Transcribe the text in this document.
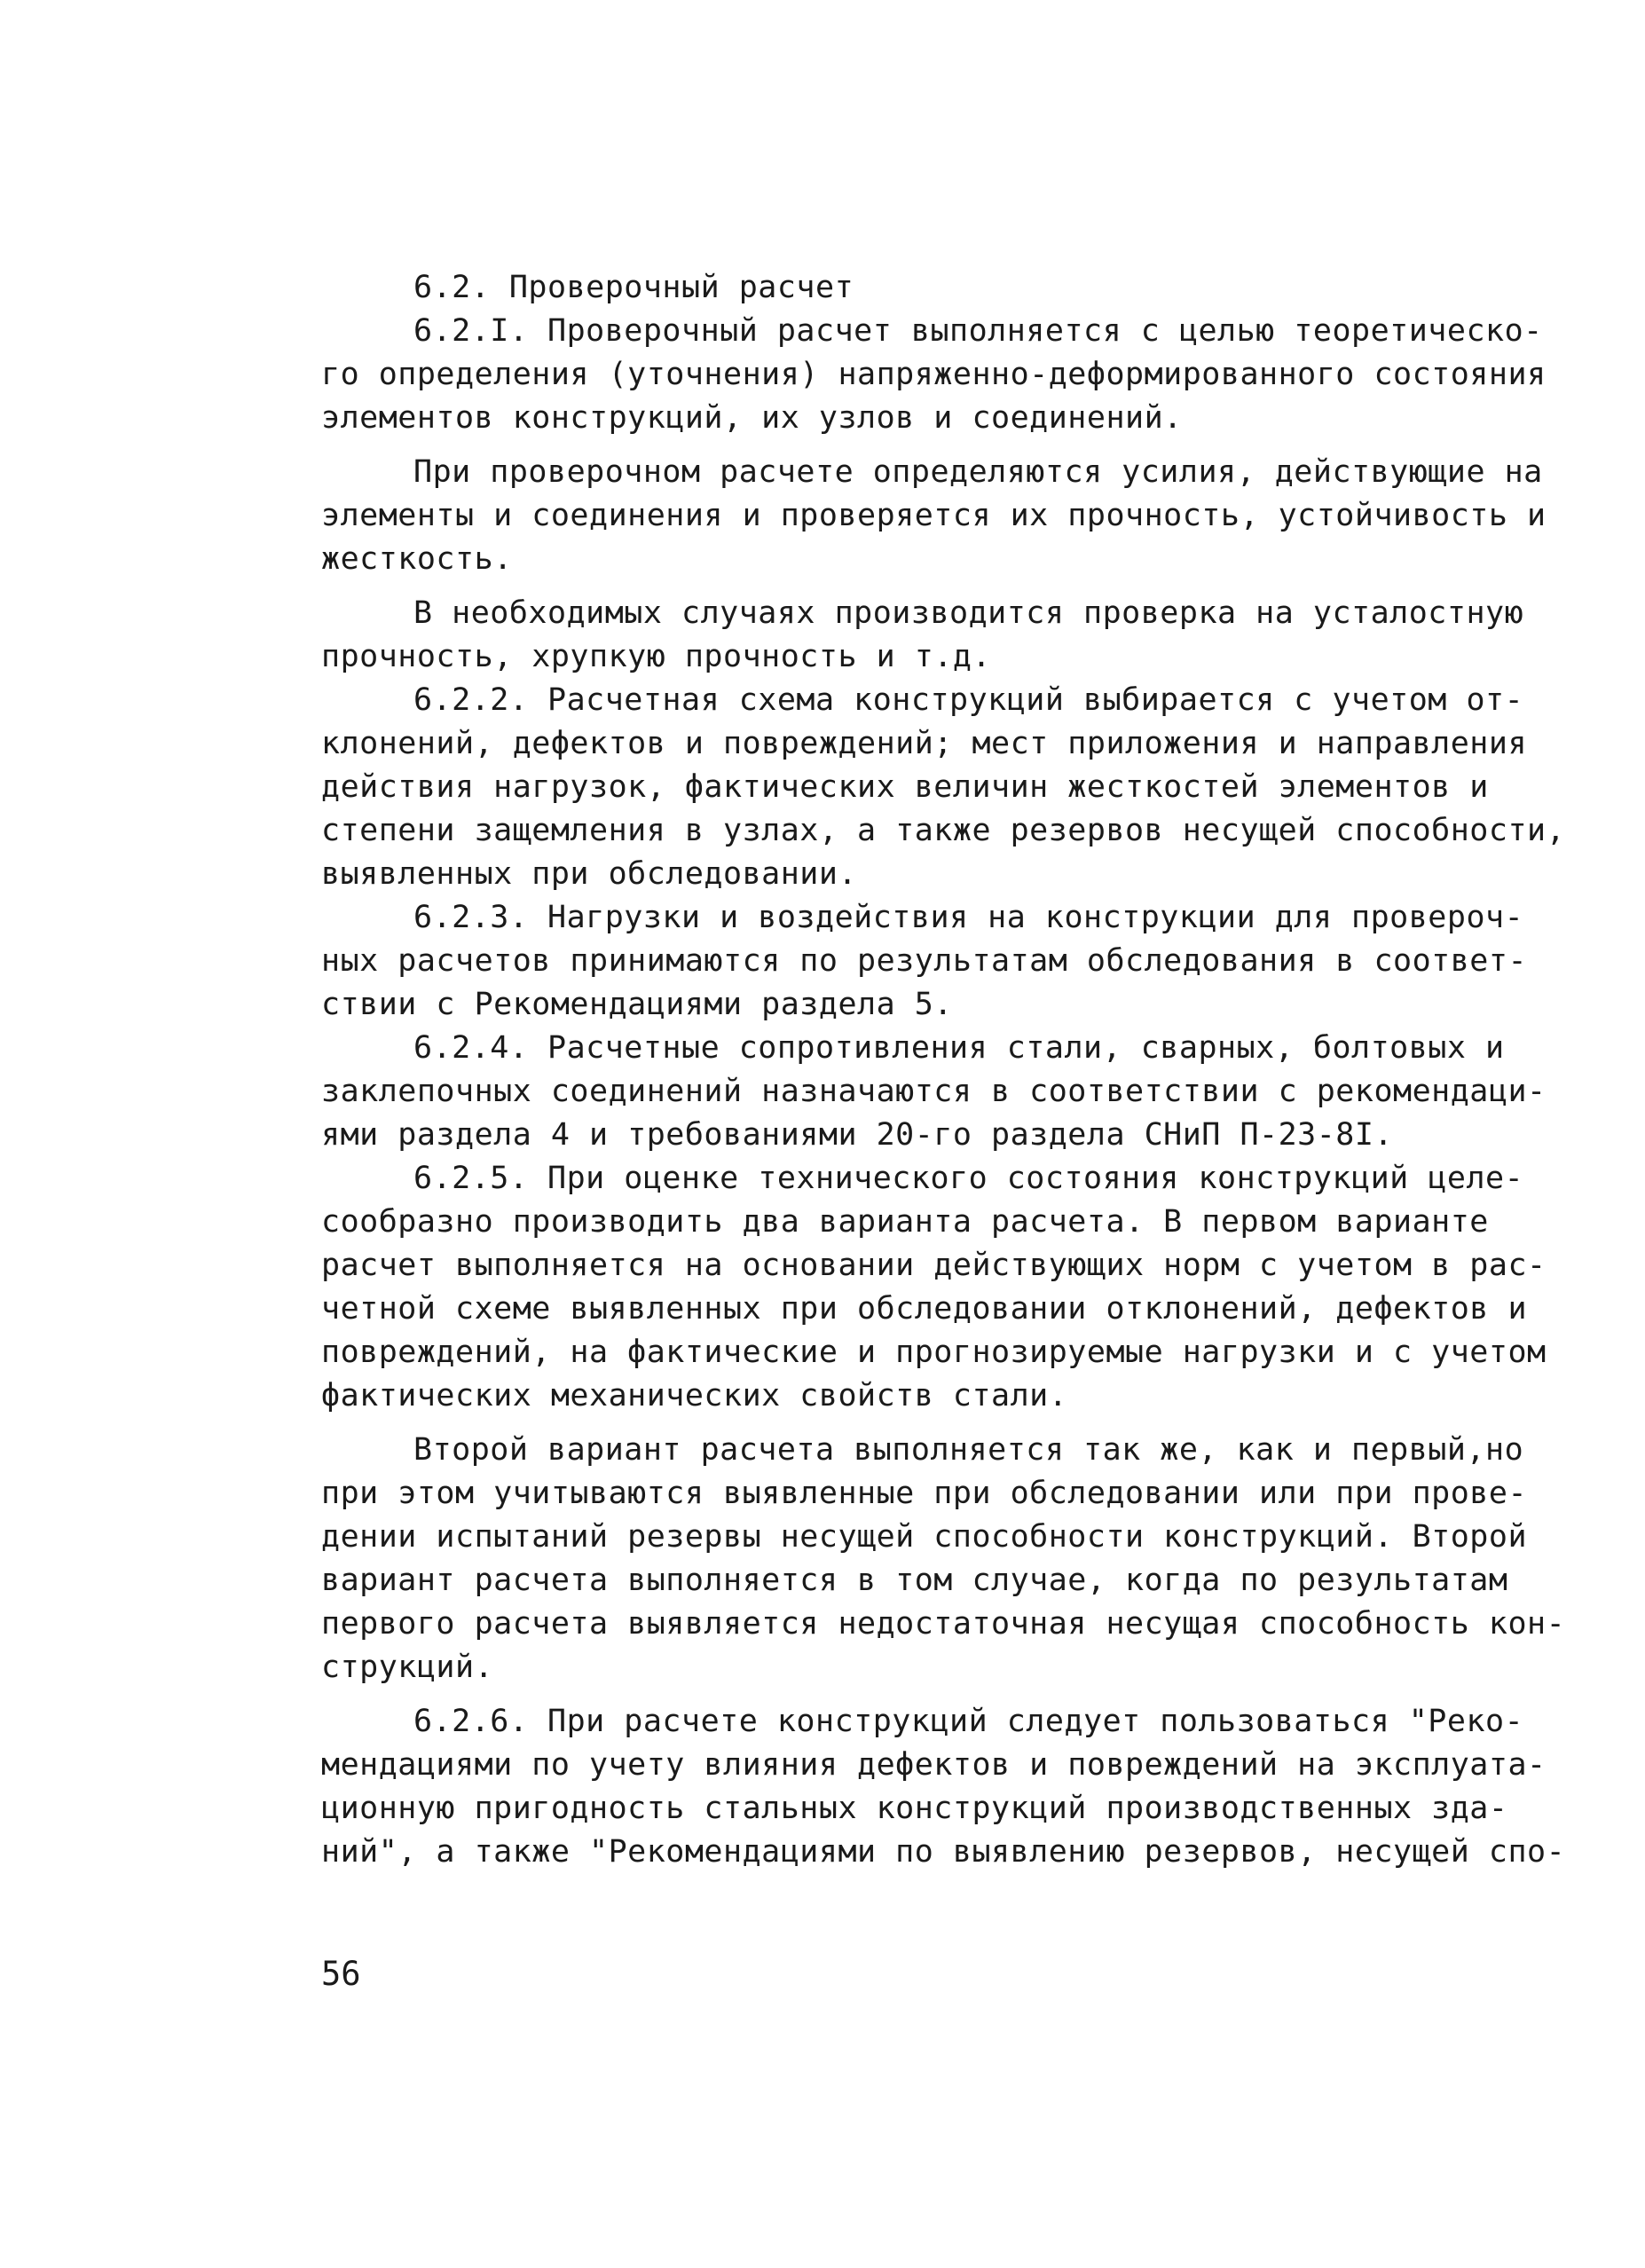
6.2. Проверочный расчет
6.2.I. Проверочный расчет выполняется с целью теоретическо-
го определения (уточнения) напряженно-деформированного состояния
элементов конструкций, их узлов и соединений.
При проверочном расчете определяются усилия, действующие на
элементы и соединения и проверяется их прочность, устойчивость и
жесткость.
В необходимых случаях производится проверка на усталостную
прочность, хрупкую прочность и т.д.
6.2.2. Расчетная схема конструкций выбирается с учетом от-
клонений, дефектов и повреждений; мест приложения и направления
действия нагрузок, фактических величин жесткостей элементов и
степени защемления в узлах, а также резервов несущей способности,
выявленных при обследовании.
6.2.3. Нагрузки и воздействия на конструкции для провероч-
ных расчетов принимаются по результатам обследования в соответ-
ствии с Рекомендациями раздела 5.
6.2.4. Расчетные сопротивления стали, сварных, болтовых и
заклепочных соединений назначаются в соответствии с рекомендаци-
ями раздела 4 и требованиями 20-го раздела СНиП П-23-8I.
6.2.5. При оценке технического состояния конструкций целе-
сообразно производить два варианта расчета. В первом варианте
расчет выполняется на основании действующих норм с учетом в рас-
четной схеме выявленных при обследовании отклонений, дефектов и
повреждений, на фактические и прогнозируемые нагрузки и с учетом
фактических механических свойств стали.
Второй вариант расчета выполняется так же, как и первый,но
при этом учитываются выявленные при обследовании или при прове-
дении испытаний резервы несущей способности конструкций. Второй
вариант расчета выполняется в том случае, когда по результатам
первого расчета выявляется недостаточная несущая способность кон-
струкций.
6.2.6. При расчете конструкций следует пользоваться "Реко-
мендациями по учету влияния дефектов и повреждений на эксплуата-
ционную пригодность стальных конструкций производственных зда-
ний", а также "Рекомендациями по выявлению резервов, несущей спо-
56
